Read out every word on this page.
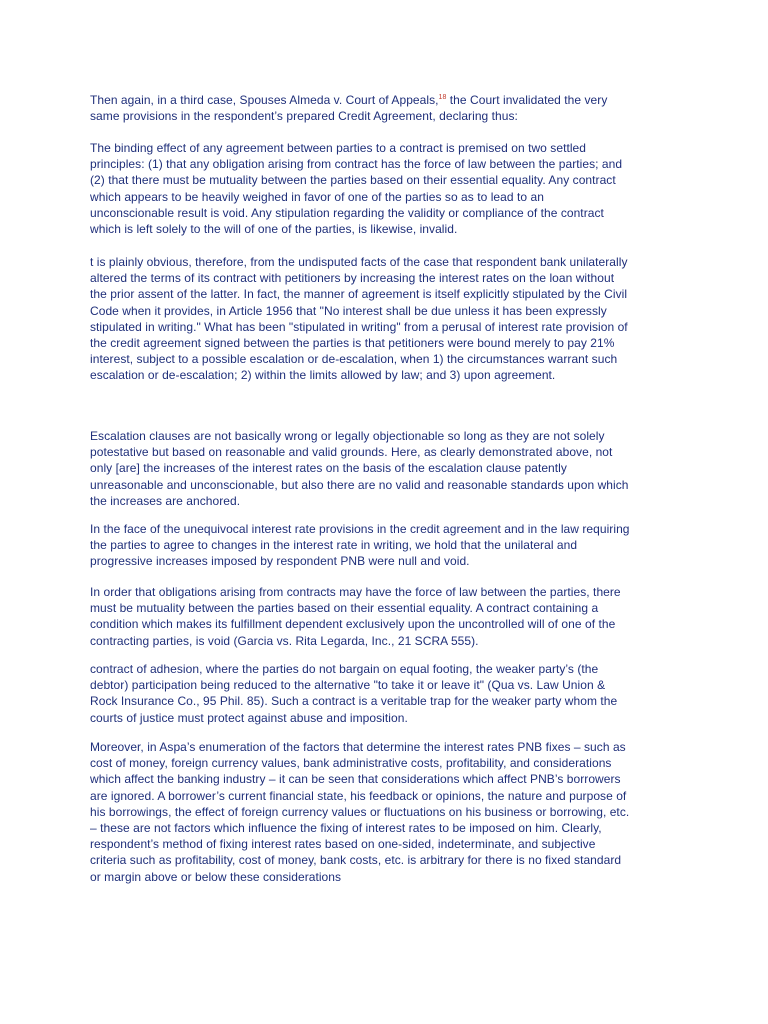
Then again, in a third case, Spouses Almeda v. Court of Appeals,$^{18}$ the Court invalidated the very
same provisions in the respondent’s prepared Credit Agreement, declaring thus:

The binding effect of any agreement between parties to a contract is premised on two settled
principles: (1) that any obligation arising from contract has the force of law between the parties; and
(2) that there must be mutuality between the parties based on their essential equality. Any contract
which appears to be heavily weighed in favor of one of the parties so as to lead to an
unconscionable result is void. Any stipulation regarding the validity or compliance of the contract
which is left solely to the will of one of the parties, is likewise, invalid.

t is plainly obvious, therefore, from the undisputed facts of the case that respondent bank unilaterally
altered the terms of its contract with petitioners by increasing the interest rates on the loan without
the prior assent of the latter. In fact, the manner of agreement is itself explicitly stipulated by the Civil
Code when it provides, in Article 1956 that "No interest shall be due unless it has been expressly
stipulated in writing." What has been "stipulated in writing" from a perusal of interest rate provision of
the credit agreement signed between the parties is that petitioners were bound merely to pay 21%
interest, subject to a possible escalation or de-escalation, when 1) the circumstances warrant such
escalation or de-escalation; 2) within the limits allowed by law; and 3) upon agreement.

Escalation clauses are not basically wrong or legally objectionable so long as they are not solely
potestative but based on reasonable and valid grounds. Here, as clearly demonstrated above, not
only [are] the increases of the interest rates on the basis of the escalation clause patently
unreasonable and unconscionable, but also there are no valid and reasonable standards upon which
the increases are anchored.

In the face of the unequivocal interest rate provisions in the credit agreement and in the law requiring
the parties to agree to changes in the interest rate in writing, we hold that the unilateral and
progressive increases imposed by respondent PNB were null and void.

In order that obligations arising from contracts may have the force of law between the parties, there
must be mutuality between the parties based on their essential equality. A contract containing a
condition which makes its fulfillment dependent exclusively upon the uncontrolled will of one of the
contracting parties, is void (Garcia vs. Rita Legarda, Inc., 21 SCRA 555).

contract of adhesion, where the parties do not bargain on equal footing, the weaker party’s (the
debtor) participation being reduced to the alternative "to take it or leave it" (Qua vs. Law Union &
Rock Insurance Co., 95 Phil. 85). Such a contract is a veritable trap for the weaker party whom the
courts of justice must protect against abuse and imposition.

Moreover, in Aspa’s enumeration of the factors that determine the interest rates PNB fixes – such as
cost of money, foreign currency values, bank administrative costs, profitability, and considerations
which affect the banking industry – it can be seen that considerations which affect PNB’s borrowers
are ignored. A borrower’s current financial state, his feedback or opinions, the nature and purpose of
his borrowings, the effect of foreign currency values or fluctuations on his business or borrowing, etc.
– these are not factors which influence the fixing of interest rates to be imposed on him. Clearly,
respondent’s method of fixing interest rates based on one-sided, indeterminate, and subjective
criteria such as profitability, cost of money, bank costs, etc. is arbitrary for there is no fixed standard
or margin above or below these considerations
